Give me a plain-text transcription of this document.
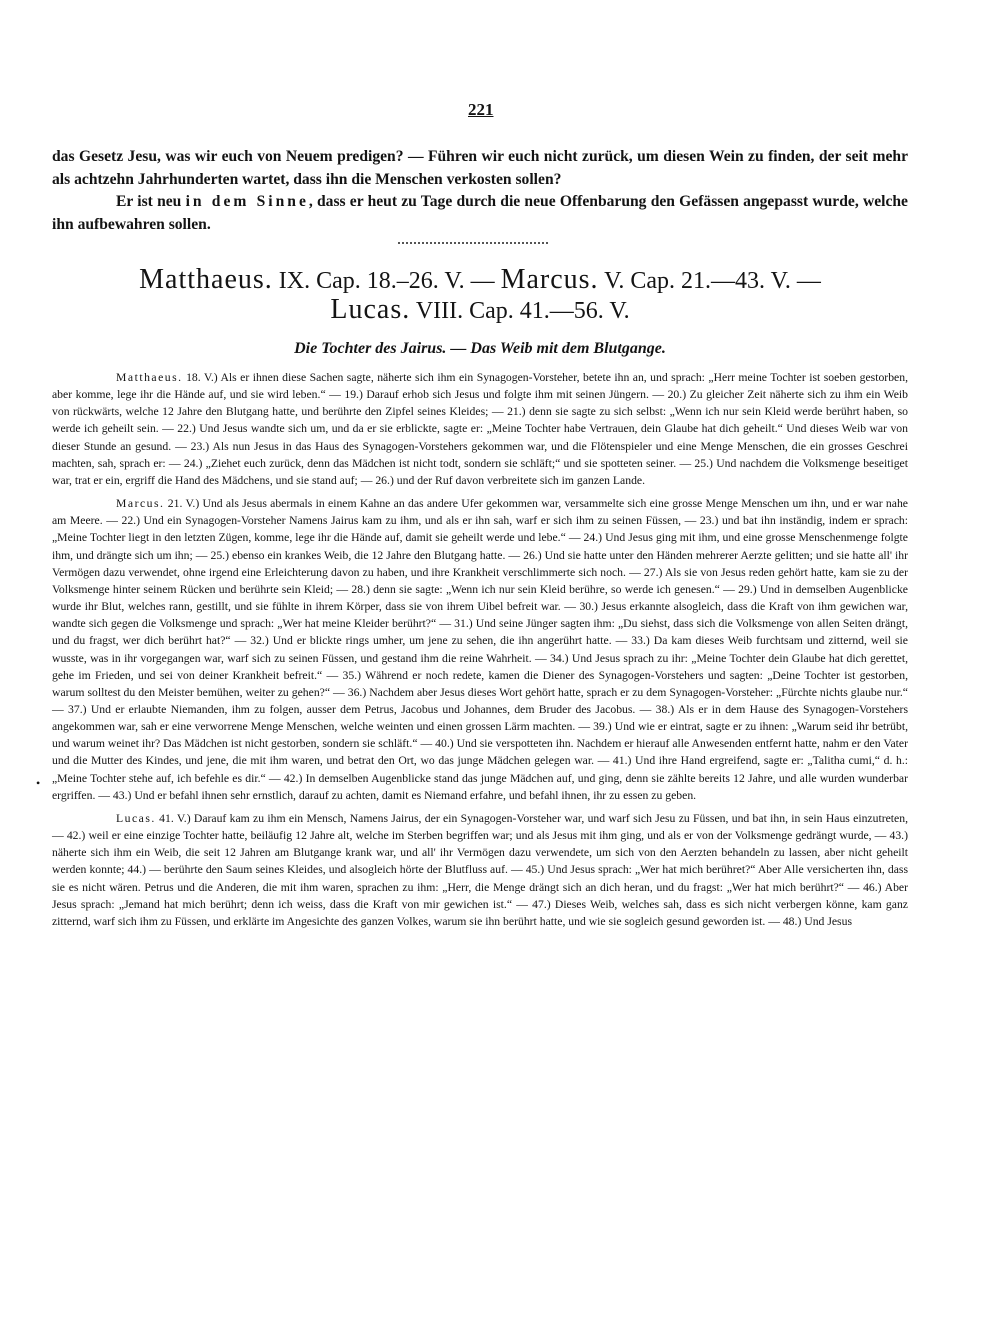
221

das Gesetz Jesu, was wir euch von Neuem predigen? — Führen wir euch nicht zurück, um diesen Wein zu finden, der seit mehr als achtzehn Jahrhunderten wartet, dass ihn die Menschen verkosten sollen?

Er ist neu in dem Sinne, dass er heut zu Tage durch die neue Offenbarung den Gefässen angepasst wurde, welche ihn aufbewahren sollen.

Matthaeus. IX. Cap. 18.–26. V. — Marcus. V. Cap. 21.—43. V. —
Lucas. VIII. Cap. 41.—56. V.
Die Tochter des Jairus. — Das Weib mit dem Blutgange.
•

Matthaeus. 18. V.) Als er ihnen diese Sachen sagte, näherte sich ihm ein Synagogen-Vorsteher, betete ihn an, und sprach: „Herr meine Tochter ist soeben gestorben, aber komme, lege ihr die Hände auf, und sie wird leben.“ — 19.) Darauf erhob sich Jesus und folgte ihm mit seinen Jüngern. — 20.) Zu gleicher Zeit näherte sich zu ihm ein Weib von rückwärts, welche 12 Jahre den Blutgang hatte, und berührte den Zipfel seines Kleides; — 21.) denn sie sagte zu sich selbst: „Wenn ich nur sein Kleid werde berührt haben, so werde ich geheilt sein. — 22.) Und Jesus wandte sich um, und da er sie erblickte, sagte er: „Meine Tochter habe Vertrauen, dein Glaube hat dich geheilt.“ Und dieses Weib war von dieser Stunde an gesund. — 23.) Als nun Jesus in das Haus des Synagogen-Vorstehers gekommen war, und die Flötenspieler und eine Menge Menschen, die ein grosses Geschrei machten, sah, sprach er: — 24.) „Ziehet euch zurück, denn das Mädchen ist nicht todt, sondern sie schläft;“ und sie spotteten seiner. — 25.) Und nachdem die Volksmenge beseitiget war, trat er ein, ergriff die Hand des Mädchens, und sie stand auf; — 26.) und der Ruf davon verbreitete sich im ganzen Lande.

Marcus. 21. V.) Und als Jesus abermals in einem Kahne an das andere Ufer gekommen war, versammelte sich eine grosse Menge Menschen um ihn, und er war nahe am Meere. — 22.) Und ein Synagogen-Vorsteher Namens Jairus kam zu ihm, und als er ihn sah, warf er sich ihm zu seinen Füssen, — 23.) und bat ihn inständig, indem er sprach: „Meine Tochter liegt in den letzten Zügen, komme, lege ihr die Hände auf, damit sie geheilt werde und lebe.“ — 24.) Und Jesus ging mit ihm, und eine grosse Menschenmenge folgte ihm, und drängte sich um ihn; — 25.) ebenso ein krankes Weib, die 12 Jahre den Blutgang hatte. — 26.) Und sie hatte unter den Händen mehrerer Aerzte gelitten; und sie hatte all' ihr Vermögen dazu verwendet, ohne irgend eine Erleichterung davon zu haben, und ihre Krankheit verschlimmerte sich noch. — 27.) Als sie von Jesus reden gehört hatte, kam sie zu der Volksmenge hinter seinem Rücken und berührte sein Kleid; — 28.) denn sie sagte: „Wenn ich nur sein Kleid berühre, so werde ich genesen.“ — 29.) Und in demselben Augenblicke wurde ihr Blut, welches rann, gestillt, und sie fühlte in ihrem Körper, dass sie von ihrem Uibel befreit war. — 30.) Jesus erkannte alsogleich, dass die Kraft von ihm gewichen war, wandte sich gegen die Volksmenge und sprach: „Wer hat meine Kleider berührt?“ — 31.) Und seine Jünger sagten ihm: „Du siehst, dass sich die Volksmenge von allen Seiten drängt, und du fragst, wer dich berührt hat?“ — 32.) Und er blickte rings umher, um jene zu sehen, die ihn angerührt hatte. — 33.) Da kam dieses Weib furchtsam und zitternd, weil sie wusste, was in ihr vorgegangen war, warf sich zu seinen Füssen, und gestand ihm die reine Wahrheit. — 34.) Und Jesus sprach zu ihr: „Meine Tochter dein Glaube hat dich gerettet, gehe im Frieden, und sei von deiner Krankheit befreit.“ — 35.) Während er noch redete, kamen die Diener des Synagogen-Vorstehers und sagten: „Deine Tochter ist gestorben, warum solltest du den Meister bemühen, weiter zu gehen?“ — 36.) Nachdem aber Jesus dieses Wort gehört hatte, sprach er zu dem Synagogen-Vorsteher: „Fürchte nichts glaube nur.“ — 37.) Und er erlaubte Niemanden, ihm zu folgen, ausser dem Petrus, Jacobus und Johannes, dem Bruder des Jacobus. — 38.) Als er in dem Hause des Synagogen-Vorstehers angekommen war, sah er eine verworrene Menge Menschen, welche weinten und einen grossen Lärm machten. — 39.) Und wie er eintrat, sagte er zu ihnen: „Warum seid ihr betrübt, und warum weinet ihr? Das Mädchen ist nicht gestorben, sondern sie schläft.“ — 40.) Und sie verspotteten ihn. Nachdem er hierauf alle Anwesenden entfernt hatte, nahm er den Vater und die Mutter des Kindes, und jene, die mit ihm waren, und betrat den Ort, wo das junge Mädchen gelegen war. — 41.) Und ihre Hand ergreifend, sagte er: „Talitha cumi,“ d. h.: „Meine Tochter stehe auf, ich befehle es dir.“ — 42.) In demselben Augenblicke stand das junge Mädchen auf, und ging, denn sie zählte bereits 12 Jahre, und alle wurden wunderbar ergriffen. — 43.) Und er befahl ihnen sehr ernstlich, darauf zu achten, damit es Niemand erfahre, und befahl ihnen, ihr zu essen zu geben.

Lucas. 41. V.) Darauf kam zu ihm ein Mensch, Namens Jairus, der ein Synagogen-Vorsteher war, und warf sich Jesu zu Füssen, und bat ihn, in sein Haus einzutreten, — 42.) weil er eine einzige Tochter hatte, beiläufig 12 Jahre alt, welche im Sterben begriffen war; und als Jesus mit ihm ging, und als er von der Volksmenge gedrängt wurde, — 43.) näherte sich ihm ein Weib, die seit 12 Jahren am Blutgange krank war, und all' ihr Vermögen dazu verwendete, um sich von den Aerzten behandeln zu lassen, aber nicht geheilt werden konnte; 44.) — berührte den Saum seines Kleides, und alsogleich hörte der Blutfluss auf. — 45.) Und Jesus sprach: „Wer hat mich berühret?“ Aber Alle versicherten ihn, dass sie es nicht wären. Petrus und die Anderen, die mit ihm waren, sprachen zu ihm: „Herr, die Menge drängt sich an dich heran, und du fragst: „Wer hat mich berührt?“ — 46.) Aber Jesus sprach: „Jemand hat mich berührt; denn ich weiss, dass die Kraft von mir gewichen ist.“ — 47.) Dieses Weib, welches sah, dass es sich nicht verbergen könne, kam ganz zitternd, warf sich ihm zu Füssen, und erklärte im Angesichte des ganzen Volkes, warum sie ihn berührt hatte, und wie sie sogleich gesund geworden ist. — 48.) Und Jesus
